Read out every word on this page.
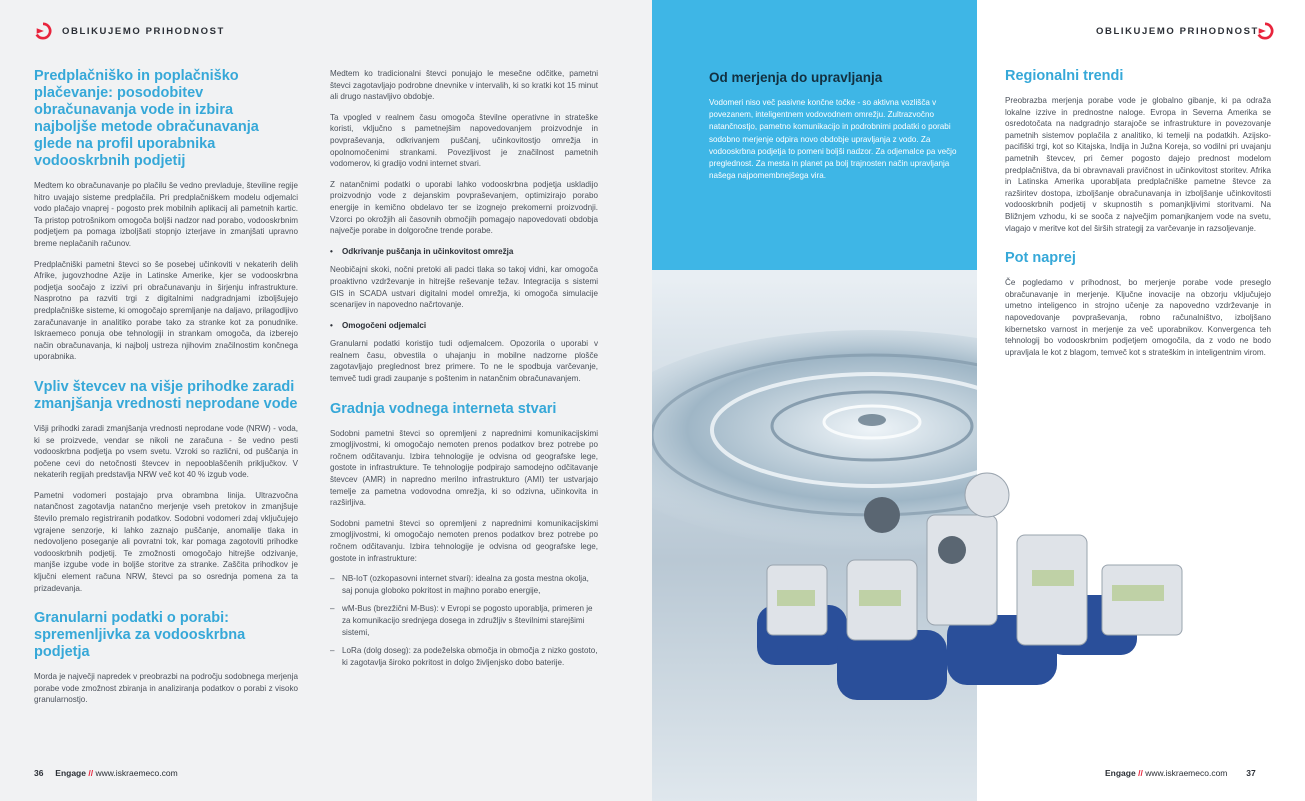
OBLIKUJEMO PRIHODNOST
Predplačniško in poplačniško plačevanje: posodobitev obračunavanja vode in izbira najboljše metode obračunavanja glede na profil uporabnika vodooskrbnih podjetij

Medtem ko obračunavanje po plačilu še vedno prevladuje, številine regije hitro uvajajo sisteme predplačila. Pri predplačniškem modelu odjemalci vodo plačajo vnaprej - pogosto prek mobilnih aplikacij ali pametnih kartic. Ta pristop potrošnikom omogoča boljši nadzor nad porabo, vodooskrbnim podjetjem pa pomaga izboljšati stopnjo izterjave in zmanjšati upravno breme neplačanih računov.

Predplačniški pametni števci so še posebej učinkoviti v nekaterih delih Afrike, jugovzhodne Azije in Latinske Amerike, kjer se vodooskrbna podjetja soočajo z izzivi pri obračunavanju in širjenju infrastrukture. Nasprotno pa razviti trgi z digitalnimi nadgradnjami izboljšujejo predplačniške sisteme, ki omogočajo spremljanje na daljavo, prilagodljivo zaračunavanje in analitiko porabe tako za stranke kot za ponudnike. Iskraemeco ponuja obe tehnologiji in strankam omogoča, da izberejo način obračunavanja, ki najbolj ustreza njihovim značilnostim končnega uporabnika.

Vpliv števcev na višje prihodke zaradi zmanjšanja vrednosti neprodane vode

Višji prihodki zaradi zmanjšanja vrednosti neprodane vode (NRW) - voda, ki se proizvede, vendar se nikoli ne zaračuna - še vedno pesti vodooskrbna podjetja po vsem svetu. Vzroki so različni, od puščanja in počene cevi do netočnosti števcev in nepooblaščenih priključkov. V nekaterih regijah predstavlja NRW več kot 40 % izgub vode.

Pametni vodomeri postajajo prva obrambna linija. Ultrazvočna natančnost zagotavlja natančno merjenje vseh pretokov in zmanjšuje število premalo registriranih podatkov. Sodobni vodomeri zdaj vključujejo vgrajene senzorje, ki lahko zaznajo puščanje, anomalije tlaka in nedovoljeno poseganje ali povratni tok, kar pomaga zagotoviti prihodke vodooskrbnih podjetij. Te zmožnosti omogočajo hitrejše odzivanje, manjše izgube vode in boljše storitve za stranke. Zaščita prihodkov je ključni element računa NRW, števci pa so osrednja pomena za ta prizadevanja.

Granularni podatki o porabi: spremenljivka za vodooskrbna podjetja

Morda je največji napredek v preobrazbi na področju sodobnega merjenja porabe vode zmožnost zbiranja in analiziranja podatkov o porabi z visoko granularnostjo.

Medtem ko tradicionalni števci ponujajo le mesečne odčitke, pametni števci zagotavljajo podrobne dnevnike v intervalih, ki so kratki kot 15 minut ali drugo nastavljivo obdobje.

Ta vpogled v realnem času omogoča številne operativne in strateške koristi, vključno s pametnejšim napovedovanjem proizvodnje in povpraševanja, odkrivanjem puščanj, učinkovitostjo omrežja in opolnomočenimi strankami. Povezljivost je značilnost pametnih vodomerov, ki gradijo vodni internet stvari.

Z natančnimi podatki o uporabi lahko vodooskrbna podjetja uskladijo proizvodnjo vode z dejanskim povpraševanjem, optimizirajo porabo energije in kemično obdelavo ter se izognejo prekomerni proizvodnji. Vzorci po okrožjih ali časovnih območjih pomagajo napovedovati obdobja največje porabe in dolgoročne trende porabe.

• Odkrivanje puščanja in učinkovitost omrežja

Neobičajni skoki, nočni pretoki ali padci tlaka so takoj vidni, kar omogoča proaktivno vzdrževanje in hitrejše reševanje težav. Integracija s sistemi GIS in SCADA ustvari digitalni model omrežja, ki omogoča simulacije scenarijev in napovedno načrtovanje.

• Omogočeni odjemalci

Granularni podatki koristijo tudi odjemalcem. Opozorila o uporabi v realnem času, obvestila o uhajanju in mobilne nadzorne plošče zagotavljajo preglednost brez primere. To ne le spodbuja varčevanje, temveč tudi gradi zaupanje s poštenim in natančnim obračunavanjem.

Gradnja vodnega interneta stvari

Sodobni pametni števci so opremljeni z naprednimi komunikacijskimi zmogljivostmi, ki omogočajo nemoten prenos podatkov brez potrebe po ročnem odčitavanju. Izbira tehnologije je odvisna od geografske lege, gostote in infrastrukture. Te tehnologije podpirajo samodejno odčitavanje števcev (AMR) in napredno merilno infrastrukturo (AMI) ter ustvarjajo temelje za pametna vodovodna omrežja, ki so odzivna, učinkovita in razširljiva.

Sodobni pametni števci so opremljeni z naprednimi komunikacijskimi zmogljivostmi, ki omogočajo nemoten prenos podatkov brez potrebe po ročnem odčitavanju. Izbira tehnologije je odvisna od geografske lege, gostote in infrastrukture:

– NB-IoT (ozkopasovni internet stvari): idealna za gosta mestna okolja, saj ponuja globoko pokritost in majhno porabo energije,
– wM-Bus (brezžični M-Bus): v Evropi se pogosto uporablja, primeren je za komunikacijo srednjega dosega in združljiv s številnimi starejšimi sistemi,
– LoRa (dolg doseg): za podeželska območja in območja z nizko gostoto, ki zagotavlja široko pokritost in dolgo življenjsko dobo baterije.
36 Engage // www.iskraemeco.com
Od merjenja do upravljanja

Vodomeri niso več pasivne končne točke - so aktivna vozlišča v povezanem, inteligentnem vodovodnem omrežju. Zultrazvočno natančnostjo, pametno komunikacijo in podrobnimi podatki o porabi sodobno merjenje odpira novo obdobje upravljanja z vodo. Za vodooskrbna podjetja to pomeni boljši nadzor. Za odjemalce pa večjo preglednost. Za mesta in planet pa bolj trajnosten način upravljanja našega najpomembnejšega vira.

OBLIKUJEMO PRIHODNOST
Regionalni trendi

Preobrazba merjenja porabe vode je globalno gibanje, ki pa odraža lokalne izzive in prednostne naloge. Evropa in Severna Amerika se osredotočata na nadgradnjo starajoče se infrastrukture in povezovanje pametnih sistemov poplačila z analitiko, ki temelji na podatkih. Azijsko-pacifiški trgi, kot so Kitajska, Indija in Južna Koreja, so vodilni pri uvajanju pametnih števcev, pri čemer pogosto dajejo prednost modelom predplačništva, da bi obravnavali pravičnost in učinkovitost storitev. Afrika in Latinska Amerika uporabljata predplačniške pametne števce za razširitev dostopa, izboljšanje obračunavanja in izboljšanje učinkovitosti vodooskrbnih podjetij v skupnostih s pomanjkljivimi storitvami. Na Bližnjem vzhodu, ki se sooča z največjim pomanjkanjem vode na svetu, vlagajo v meritve kot del širših strategij za varčevanje in razsoljevanje.

Pot naprej

Če pogledamo v prihodnost, bo merjenje porabe vode preseglo obračunavanje in merjenje. Ključne inovacije na obzorju vključujejo umetno inteligenco in strojno učenje za napovedno vzdrževanje in napovedovanje povpraševanja, robno računalništvo, izboljšano kibernetsko varnost in merjenje za več uporabnikov. Konvergenca teh tehnologij bo vodooskrbnim podjetjem omogočila, da z vodo ne bodo upravljala le kot z blagom, temveč kot s strateškim in inteligentnim virom.

Engage // www.iskraemeco.com 37
